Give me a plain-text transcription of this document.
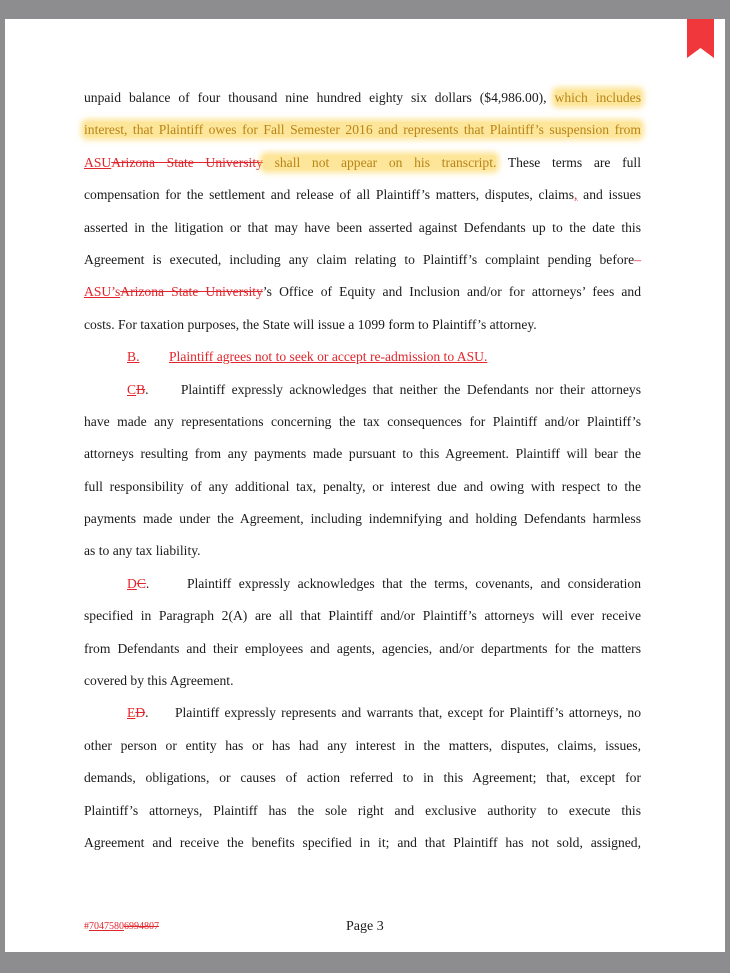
unpaid balance of four thousand nine hundred eighty six dollars ($4,986.00), which includes
interest, that Plaintiff owes for Fall Semester 2016 and represents that Plaintiff’s suspension from
ASUArizona State University shall not appear on his transcript. These terms are full
compensation for the settlement and release of all Plaintiff’s matters, disputes, claims, and issues
asserted in the litigation or that may have been asserted against Defendants up to the date this
Agreement is executed, including any claim relating to Plaintiff’s complaint pending before–
ASU’sArizona State University’s Office of Equity and Inclusion and/or for attorneys’ fees and
costs. For taxation purposes, the State will issue a 1099 form to Plaintiff’s attorney.
B. Plaintiff agrees not to seek or accept re-admission to ASU.
CB. Plaintiff expressly acknowledges that neither the Defendants nor their attorneys
have made any representations concerning the tax consequences for Plaintiff and/or Plaintiff’s
attorneys resulting from any payments made pursuant to this Agreement. Plaintiff will bear the
full responsibility of any additional tax, penalty, or interest due and owing with respect to the
payments made under the Agreement, including indemnifying and holding Defendants harmless
as to any tax liability.
DC.	Plaintiff expressly acknowledges that the terms, covenants, and consideration
specified in Paragraph 2(A) are all that Plaintiff and/or Plaintiff’s attorneys will ever receive
from Defendants and their employees and agents, agencies, and/or departments for the matters
covered by this Agreement.
ED. Plaintiff expressly represents and warrants that, except for Plaintiff’s attorneys, no
other person or entity has or has had any interest in the matters, disputes, claims, issues,
demands, obligations, or causes of action referred to in this Agreement; that, except for
Plaintiff’s attorneys, Plaintiff has the sole right and exclusive authority to execute this
Agreement and receive the benefits specified in it; and that Plaintiff has not sold, assigned,
#70475806994807	Page 3
